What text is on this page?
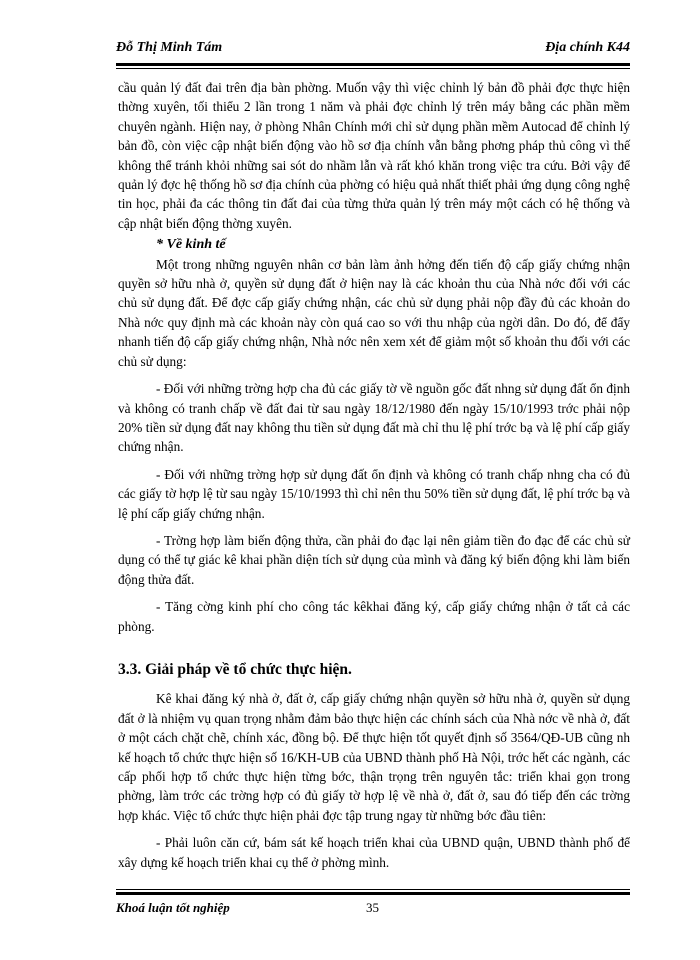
Đỗ Thị Minh Tám	Địa chính K44

cầu quản lý đất đai trên địa bàn phờng. Muốn vậy thì việc chỉnh lý bản đồ phải đợc thực hiện thờng xuyên, tối thiểu 2 lần trong 1 năm và phải đợc chỉnh lý trên máy bằng các phần mềm chuyên ngành. Hiện nay, ở phòng Nhân Chính mới chỉ sử dụng phần mềm Autocad để chỉnh lý bản đồ, còn việc cập nhật biến động vào hồ sơ địa chính vẫn bằng phơng pháp thủ công vì thế không thể tránh khỏi những sai sót do nhầm lẫn và rất khó khăn trong việc tra cứu. Bởi vậy để quản lý đợc hệ thống hồ sơ địa chính của phờng có hiệu quả nhất thiết phải ứng dụng công nghệ tin học, phải đa các thông tin đất đai của từng thửa quản lý trên máy một cách có hệ thống và cập nhật biến động thờng xuyên.

* Về kinh tế

Một trong những nguyên nhân cơ bản làm ảnh hởng đến tiến độ cấp giấy chứng nhận quyền sở hữu nhà ở, quyền sử dụng đất ở hiện nay là các khoản thu của Nhà nớc đối với các chủ sử dụng đất. Để đợc cấp giấy chứng nhận, các chủ sử dụng phải nộp đầy đủ các khoản do Nhà nớc quy định mà các khoản này còn quá cao so với thu nhập của ngời dân. Do đó, để đẩy nhanh tiến độ cấp giấy chứng nhận, Nhà nớc nên xem xét để giảm một số khoản thu đối với các chủ sử dụng:

- Đối với những trờng hợp cha đủ các giấy tờ về nguồn gốc đất nhng sử dụng đất ổn định và không có tranh chấp về đất đai từ sau ngày 18/12/1980 đến ngày 15/10/1993 trớc phải nộp 20% tiền sử dụng đất nay không thu tiền sử dụng đất mà chỉ thu lệ phí trớc bạ và lệ phí cấp giấy chứng nhận.

- Đối với những trờng hợp sử dụng đất ổn định và không có tranh chấp nhng cha có đủ các giấy tờ hợp lệ từ sau ngày 15/10/1993 thì chỉ nên thu 50% tiền sử dụng đất, lệ phí trớc bạ và lệ phí cấp giấy chứng nhận.

- Trờng hợp làm biến động thửa, cần phải đo đạc lại nên giảm tiền đo đạc để các chủ sử dụng có thể tự giác kê khai phần diện tích sử dụng của mình và đăng ký biến động khi làm biến động thửa đất.

- Tăng cờng kinh phí cho công tác kêkhai đăng ký, cấp giấy chứng nhận ở tất cả các phòng.

3.3. Giải pháp về tổ chức thực hiện.

Kê khai đăng ký nhà ở, đất ở, cấp giấy chứng nhận quyền sở hữu nhà ở, quyền sử dụng đất ở là nhiệm vụ quan trọng nhằm đảm bảo thực hiện các chính sách của Nhà nớc về nhà ở, đất ở một cách chặt chẽ, chính xác, đồng bộ. Để thực hiện tốt quyết định số 3564/QĐ-UB cũng nh kế hoạch tổ chức thực hiện số 16/KH-UB của UBND thành phố Hà Nội, trớc hết các ngành, các cấp phối hợp tổ chức thực hiện từng bớc, thận trọng trên nguyên tắc: triển khai gọn trong phờng, làm trớc các trờng hợp có đủ giấy tờ hợp lệ về nhà ở, đất ở, sau đó tiếp đến các trờng hợp khác. Việc tổ chức thực hiện phải đợc tập trung ngay từ những bớc đầu tiên:

- Phải luôn căn cứ, bám sát kế hoạch triển khai của UBND quận, UBND thành phố để xây dựng kế hoạch triển khai cụ thể ở phờng mình.

Khoá luận tốt nghiệp	35
